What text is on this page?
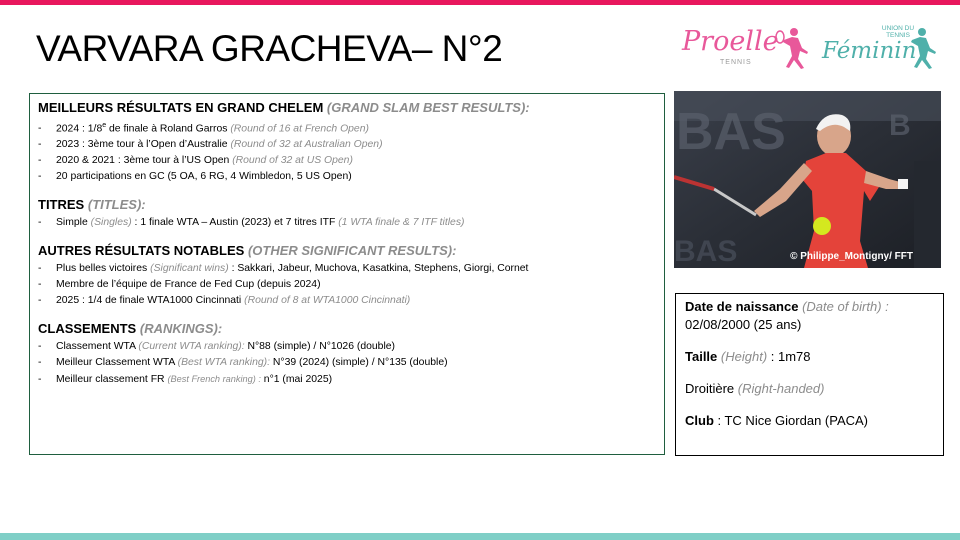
VARVARA GRACHEVA– N°2	Proelle
TENNIS
UNION DU TENNIS
Féminin

MEILLEURS RÉSULTATS EN GRAND CHELEM (GRAND SLAM BEST RESULTS):

- 2024 : 1/8e de finale à Roland Garros (Round of 16 at French Open)
- 2023 : 3ème tour à l’Open d’Australie (Round of 32 at Australian Open)
- 2020 & 2021 : 3ème tour à l’US Open (Round of 32 at US Open)
- 20 participations en GC (5 OA, 6 RG, 4 Wimbledon, 5 US Open)

TITRES (TITLES):

- Simple (Singles) : 1 finale WTA – Austin (2023) et 7 titres ITF (1 WTA finale & 7 ITF titles)

AUTRES RÉSULTATS NOTABLES (OTHER SIGNIFICANT RESULTS):

- Plus belles victoires (Significant wins) : Sakkari, Jabeur, Muchova, Kasatkina, Stephens, Giorgi, Cornet
- Membre de l’équipe de France de Fed Cup (depuis 2024)
- 2025 : 1/4 de finale WTA1000 Cincinnati (Round of 8 at WTA1000 Cincinnati)

CLASSEMENTS (RANKINGS):

- Classement WTA (Current WTA ranking): N°88 (simple) / N°1026 (double)
- Meilleur Classement WTA (Best WTA ranking): N°39 (2024) (simple) / N°135 (double)
- Meilleur classement FR (Best French ranking) : n°1 (mai 2025)
BAS	B
BAS	© Philippe_Montigny/ FFT
Date de naissance (Date of birth) :
02/08/2000 (25 ans)
Taille (Height) : 1m78
Droitière (Right-handed)
Club : TC Nice Giordan (PACA)
